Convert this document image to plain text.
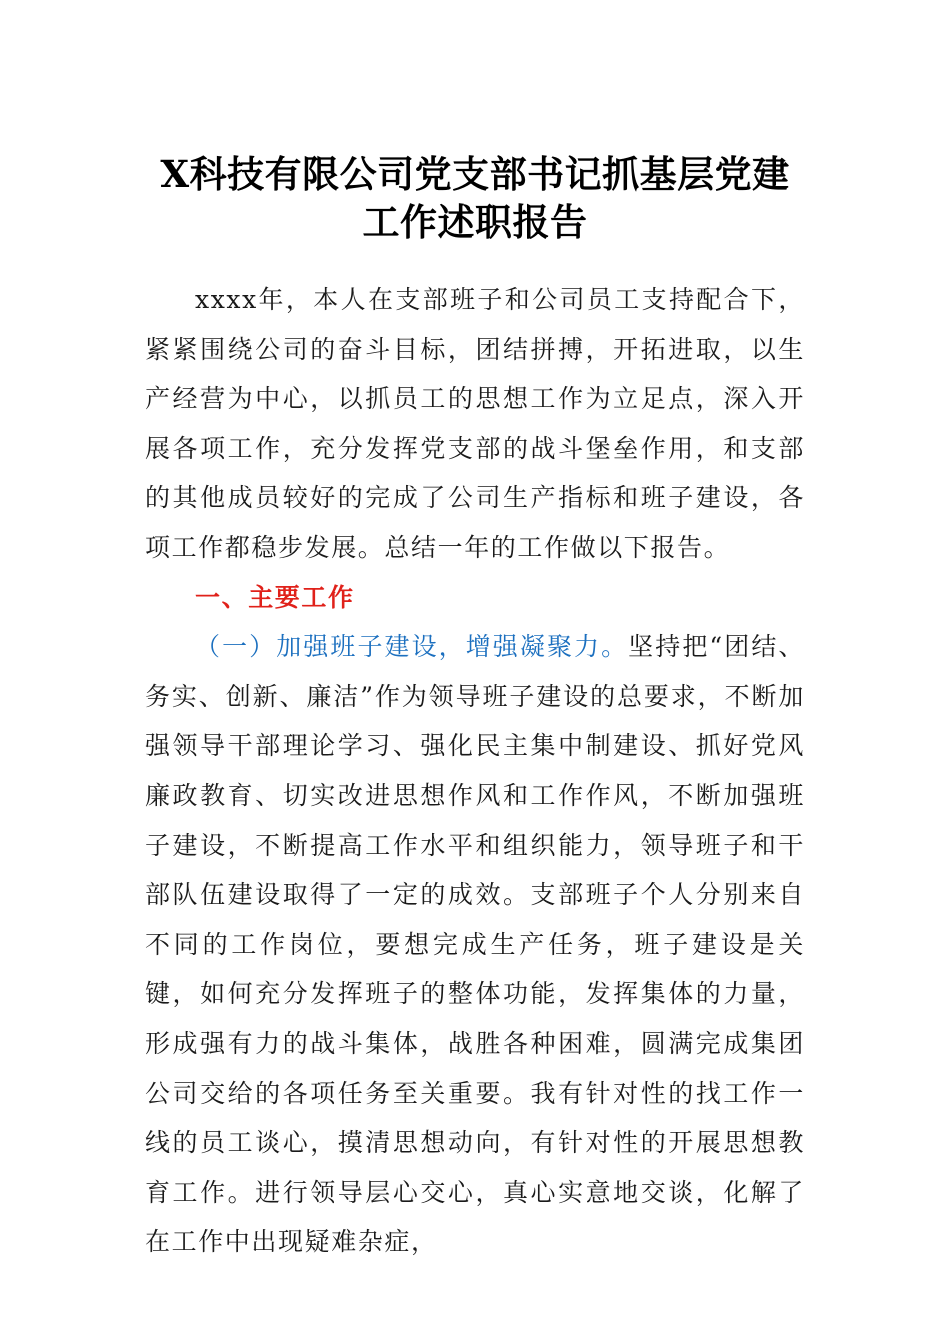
X科技有限公司党支部书记抓基层党建工作述职报告

xxxx年，本人在支部班子和公司员工支持配合下，紧紧围绕公司的奋斗目标，团结拼搏，开拓进取，以生产经营为中心，以抓员工的思想工作为立足点，深入开展各项工作，充分发挥党支部的战斗堡垒作用，和支部的其他成员较好的完成了公司生产指标和班子建设，各项工作都稳步发展。总结一年的工作做以下报告。

一、主要工作

（一）加强班子建设，增强凝聚力。坚持把“团结、务实、创新、廉洁”作为领导班子建设的总要求，不断加强领导干部理论学习、强化民主集中制建设、抓好党风廉政教育、切实改进思想作风和工作作风，不断加强班子建设，不断提高工作水平和组织能力，领导班子和干部队伍建设取得了一定的成效。支部班子个人分别来自不同的工作岗位，要想完成生产任务，班子建设是关键，如何充分发挥班子的整体功能，发挥集体的力量，形成强有力的战斗集体，战胜各种困难，圆满完成集团公司交给的各项任务至关重要。我有针对性的找工作一线的员工谈心，摸清思想动向，有针对性的开展思想教育工作。进行领导层心交心，真心实意地交谈，化解了在工作中出现疑难杂症，
